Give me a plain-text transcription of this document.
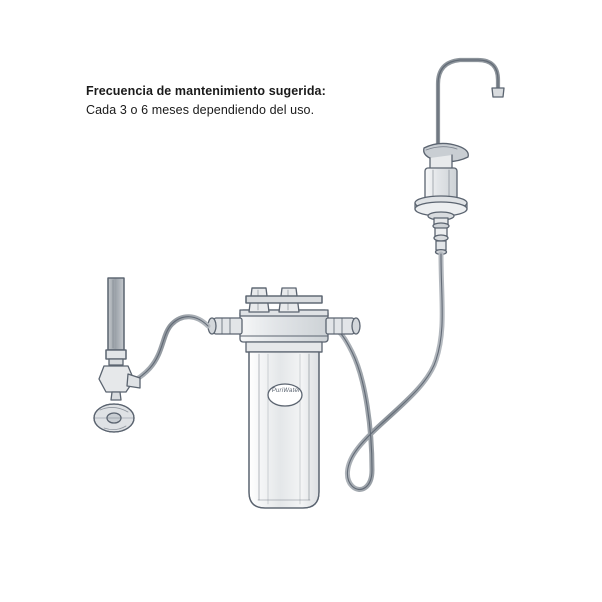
Frecuencia de mantenimiento sugerida:
Cada 3 o 6 meses dependiendo del uso.
PuriWater
